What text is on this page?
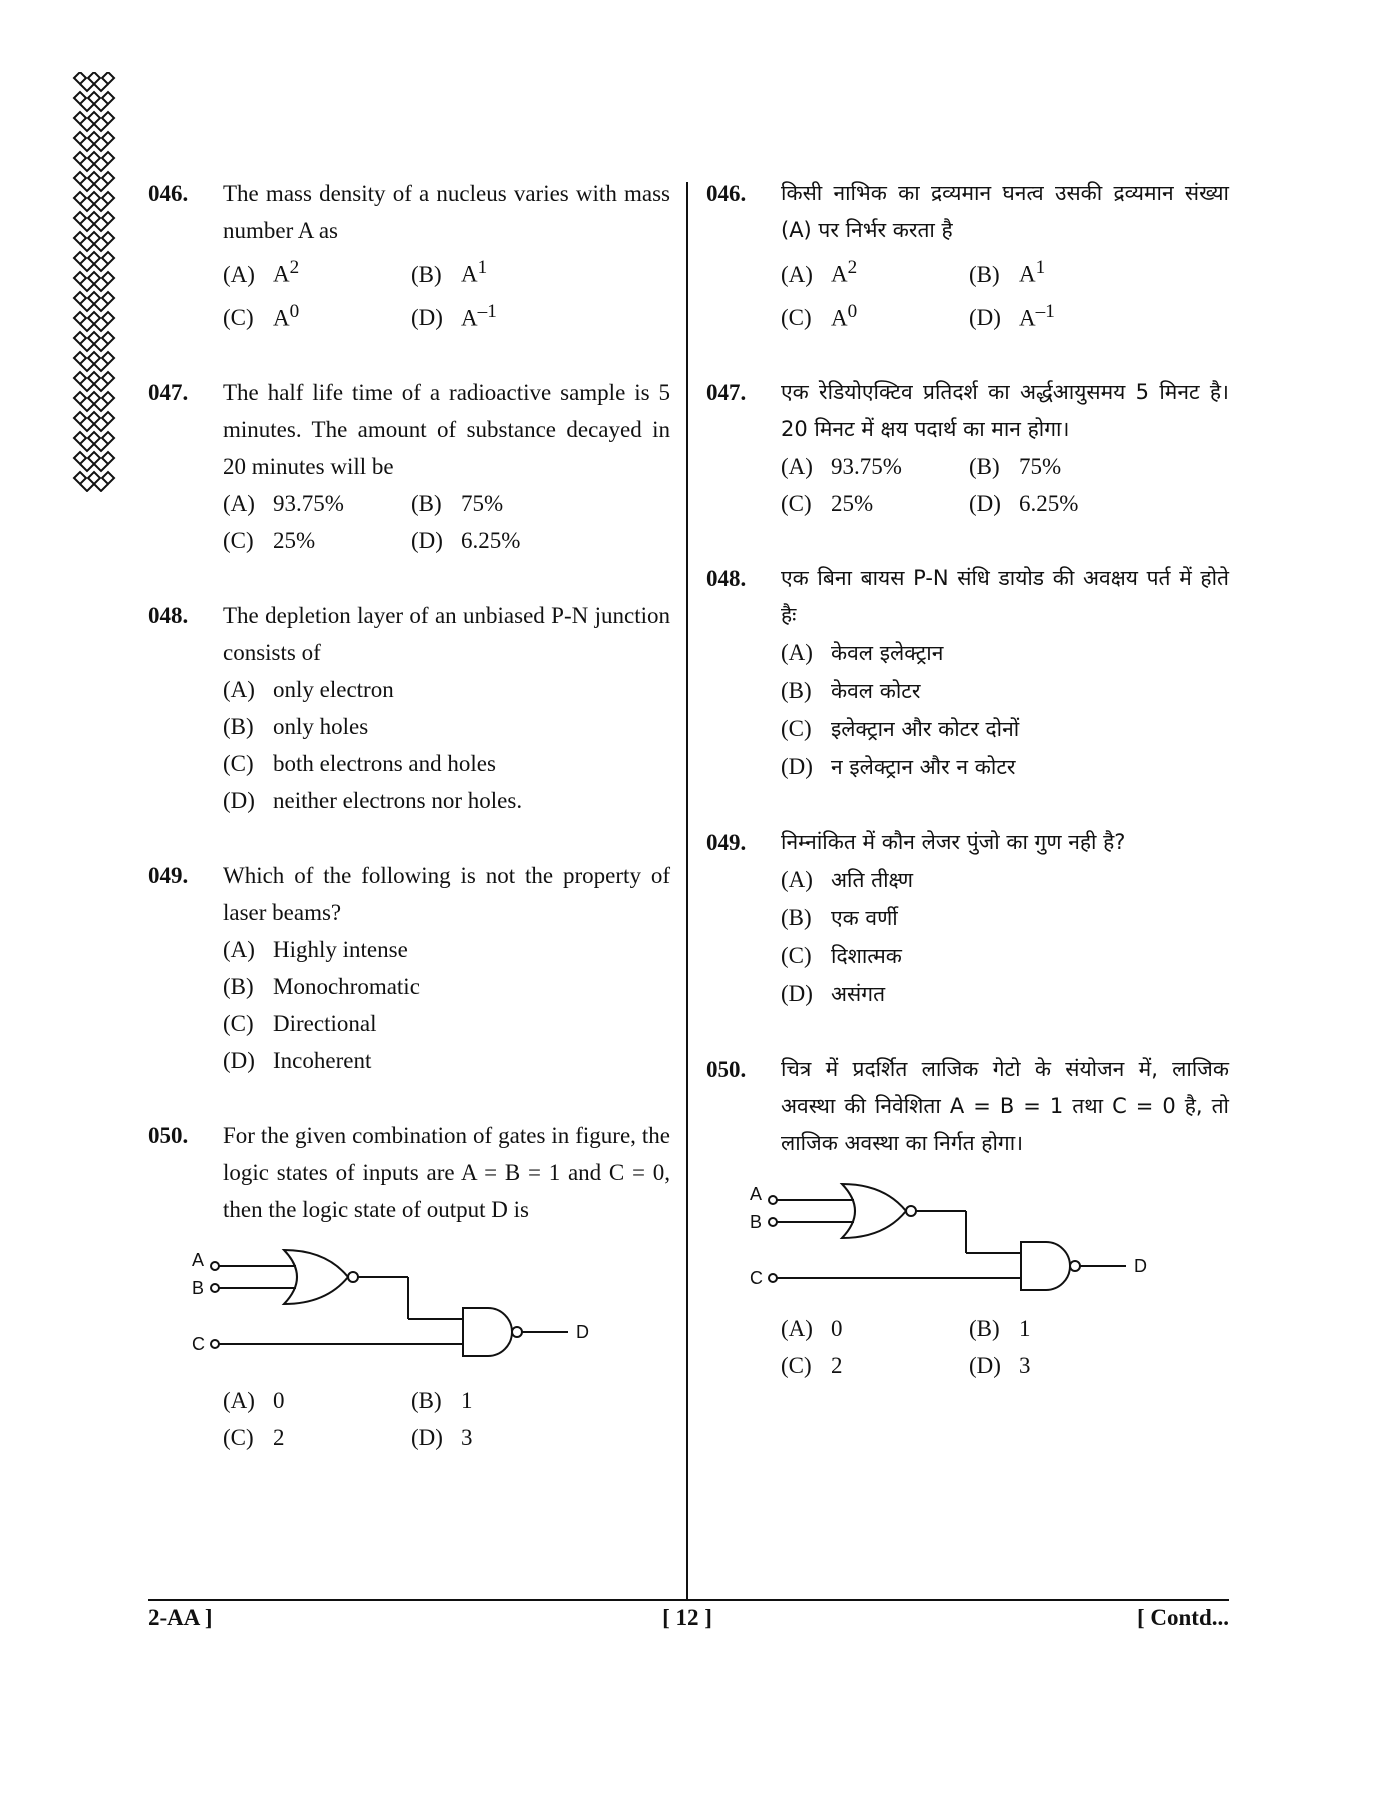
046. The mass density of a nucleus varies with mass number A as
(A) $A^2$	(B) $A^1$
(C) $A^0$	(D) $A^{-1}$
047. The half life time of a radioactive sample is 5 minutes. The amount of substance decayed in 20 minutes will be
(A) 93.75%	(B) 75%
(C) 25%	(D) 6.25%
048. The depletion layer of an unbiased P-N junction consists of
(A) only electron
(B) only holes
(C) both electrons and holes
(D) neither electrons nor holes.
049. Which of the following is not the property of laser beams?
(A) Highly intense
(B) Monochromatic
(C) Directional
(D) Incoherent
050. For the given combination of gates in figure, the logic states of inputs are A = B = 1 and C = 0, then the logic state of output D is
A
B
C
D
(A) 0	(B) 1
(C) 2	(D) 3
046. किसी नाभिक का द्रव्यमान घनत्व उसकी द्रव्यमान संख्या (A) पर निर्भर करता है
(A) $A^2$	(B) $A^1$
(C) $A^0$	(D) $A^{-1}$
047. एक रेडियोएक्टिव प्रतिदर्श का अर्द्धआयुसमय 5 मिनट है। 20 मिनट में क्षय पदार्थ का मान होगा।
(A) 93.75%	(B) 75%
(C) 25%	(D) 6.25%
048. एक बिना बायस P-N संधि डायोड की अवक्षय पर्त में होते हैः
(A) केवल इलेक्ट्रान
(B) केवल कोटर
(C) इलेक्ट्रान और कोटर दोनों
(D) न इलेक्ट्रान और न कोटर
049. निम्नांकित में कौन लेजर पुंजो का गुण नही है?
(A) अति तीक्ष्ण
(B) एक वर्णी
(C) दिशात्मक
(D) असंगत
050. चित्र में प्रदर्शित लाजिक गेटो के संयोजन में, लाजिक अवस्था की निवेशिता A = B = 1 तथा C = 0 है, तो लाजिक अवस्था का निर्गत होगा।
A
B
C
D
(A) 0	(B) 1
(C) 2	(D) 3
2-AA ]	[ 12 ]	[ Contd...
